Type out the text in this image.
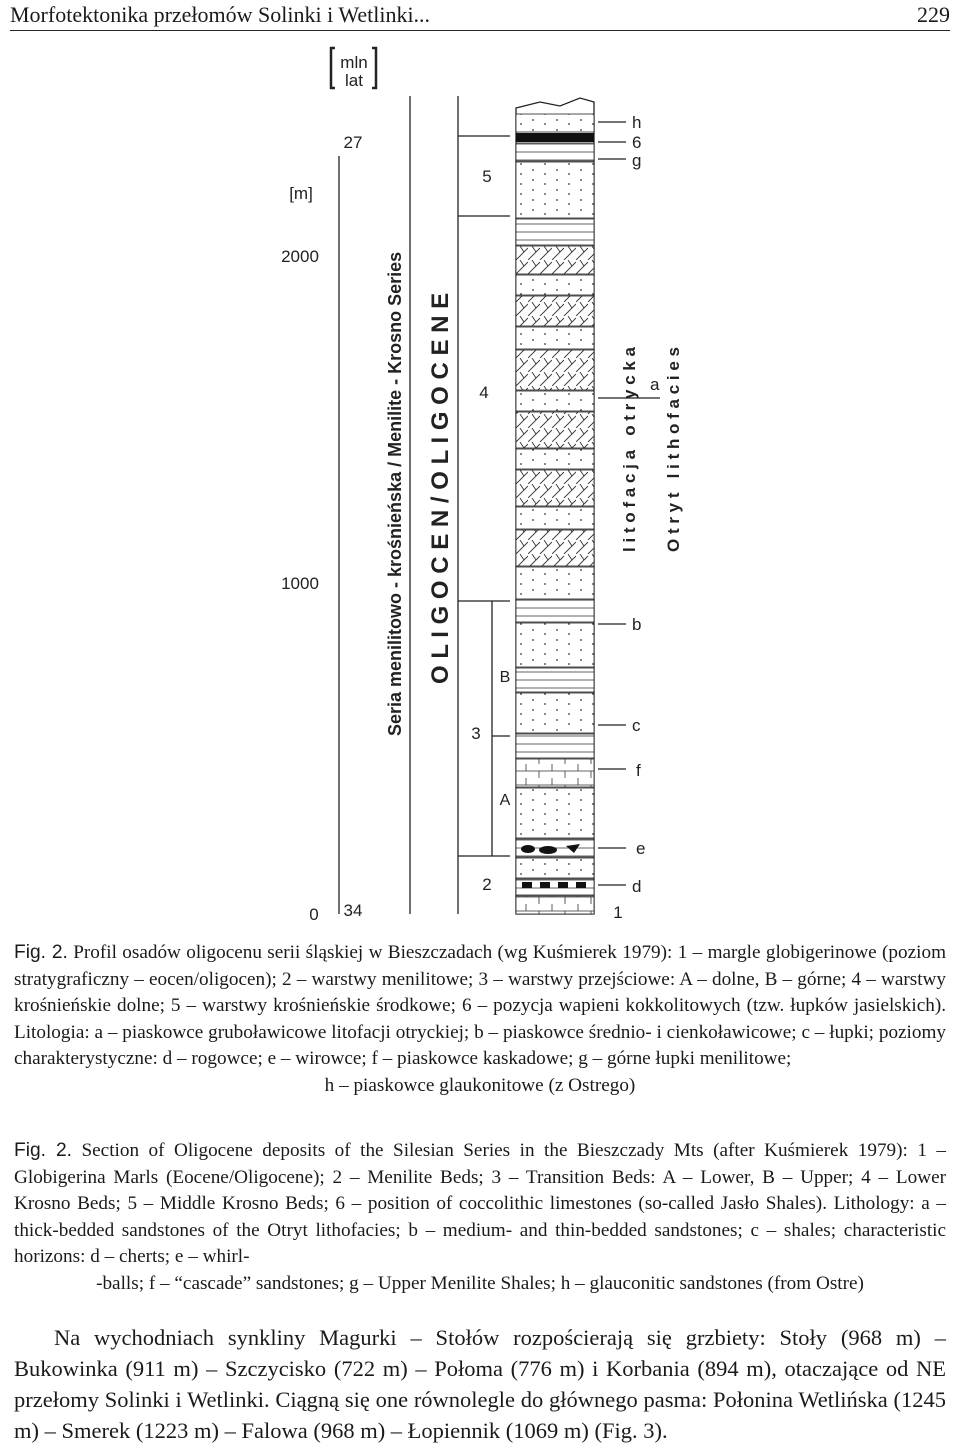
Morfotektonika przełomów Solinki i Wetlinki...	229
mln
lat
27
34
[m]
2000
1000
0
Seria menilitowo - krośnieńska / Menilite - Krosno Series O L I G O C E N / O L I G O C E N E
5
4
B
3
A
2
1
h
6
g
b
c
f
e
d
a
l i t o f a c j a   o t r y c k a O t r y t   l i t h o f a c i e s
Fig. 2. Profil osadów oligocenu serii śląskiej w Bieszczadach (wg Kuśmierek 1979): 1 – margle globigerinowe (poziom stratygraficzny – eocen/oligocen); 2 – warstwy menilitowe; 3 – warstwy przejściowe: A – dolne, B – górne; 4 – warstwy krośnieńskie dolne; 5 – warstwy krośnieńskie środkowe; 6 – pozycja wapieni kokkolitowych (tzw. łupków jasielskich). Litologia: a – piaskowce gruboławicowe litofacji otryckiej; b – piaskowce średnio- i cienkoławicowe; c – łupki; poziomy charakterystyczne: d – rogowce; e – wirowce; f – piaskowce kaskadowe; g – górne łupki menilitowe;
h – piaskowce glaukonitowe (z Ostrego)
Fig. 2. Section of Oligocene deposits of the Silesian Series in the Bieszczady Mts (after Kuśmierek 1979): 1 – Globigerina Marls (Eocene/Oligocene); 2 – Menilite Beds; 3 – Transition Beds: A – Lower, B – Upper; 4 – Lower Krosno Beds; 5 – Middle Krosno Beds; 6 – position of coccolithic limestones (so-called Jasło Shales). Lithology: a – thick-bedded sandstones of the Otryt lithofacies; b – medium- and thin-bedded sandstones; c – shales; characteristic horizons: d – cherts; e – whirl-
-balls; f – “cascade” sandstones; g – Upper Menilite Shales; h – glauconitic sandstones (from Ostre)
Na wychodniach synkliny Magurki – Stołów rozpościerają się grzbiety: Stoły (968 m) – Bukowinka (911 m) – Szczycisko (722 m) – Połoma (776 m) i Korbania (894 m), otaczające od NE przełomy Solinki i Wetlinki. Ciągną się one równolegle do głównego pasma: Połonina Wetlińska (1245 m) – Smerek (1223 m) – Falowa (968 m) – Łopiennik (1069 m) (Fig. 3).
